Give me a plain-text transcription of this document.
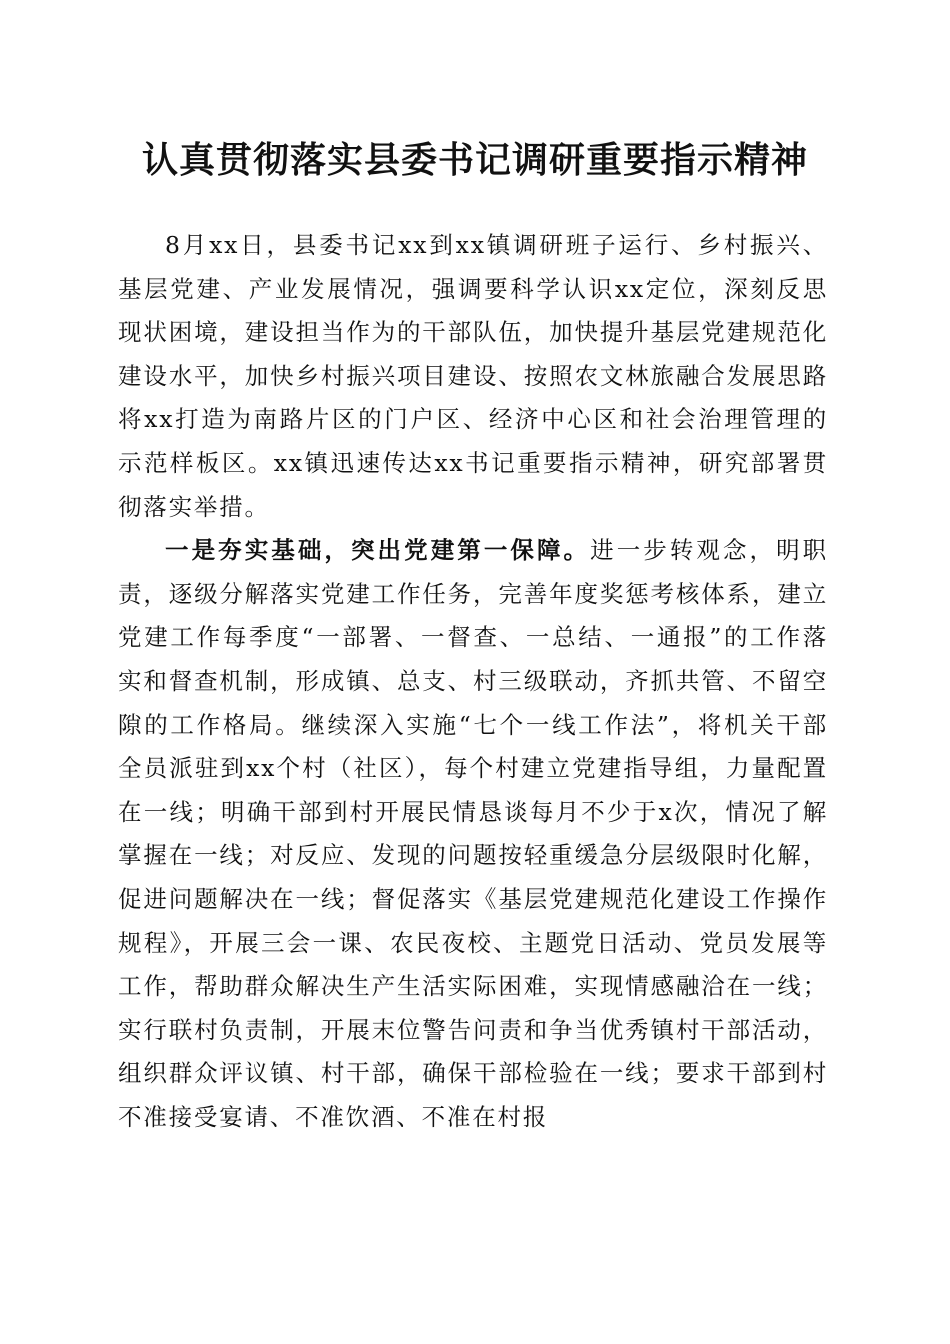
认真贯彻落实县委书记调研重要指示精神

8月xx日，县委书记xx到xx镇调研班子运行、乡村振兴、基层党建、产业发展情况，强调要科学认识xx定位，深刻反思现状困境，建设担当作为的干部队伍，加快提升基层党建规范化建设水平，加快乡村振兴项目建设、按照农文林旅融合发展思路将xx打造为南路片区的门户区、经济中心区和社会治理管理的示范样板区。xx镇迅速传达xx书记重要指示精神，研究部署贯彻落实举措。

一是夯实基础，突出党建第一保障。进一步转观念，明职责，逐级分解落实党建工作任务，完善年度奖惩考核体系，建立党建工作每季度“一部署、一督查、一总结、一通报”的工作落实和督查机制，形成镇、总支、村三级联动，齐抓共管、不留空隙的工作格局。继续深入实施“七个一线工作法”，将机关干部全员派驻到xx个村（社区），每个村建立党建指导组，力量配置在一线；明确干部到村开展民情恳谈每月不少于x次，情况了解掌握在一线；对反应、发现的问题按轻重缓急分层级限时化解，促进问题解决在一线；督促落实《基层党建规范化建设工作操作规程》，开展三会一课、农民夜校、主题党日活动、党员发展等工作，帮助群众解决生产生活实际困难，实现情感融洽在一线；实行联村负责制，开展末位警告问责和争当优秀镇村干部活动，组织群众评议镇、村干部，确保干部检验在一线；要求干部到村不准接受宴请、不准饮酒、不准在村报
